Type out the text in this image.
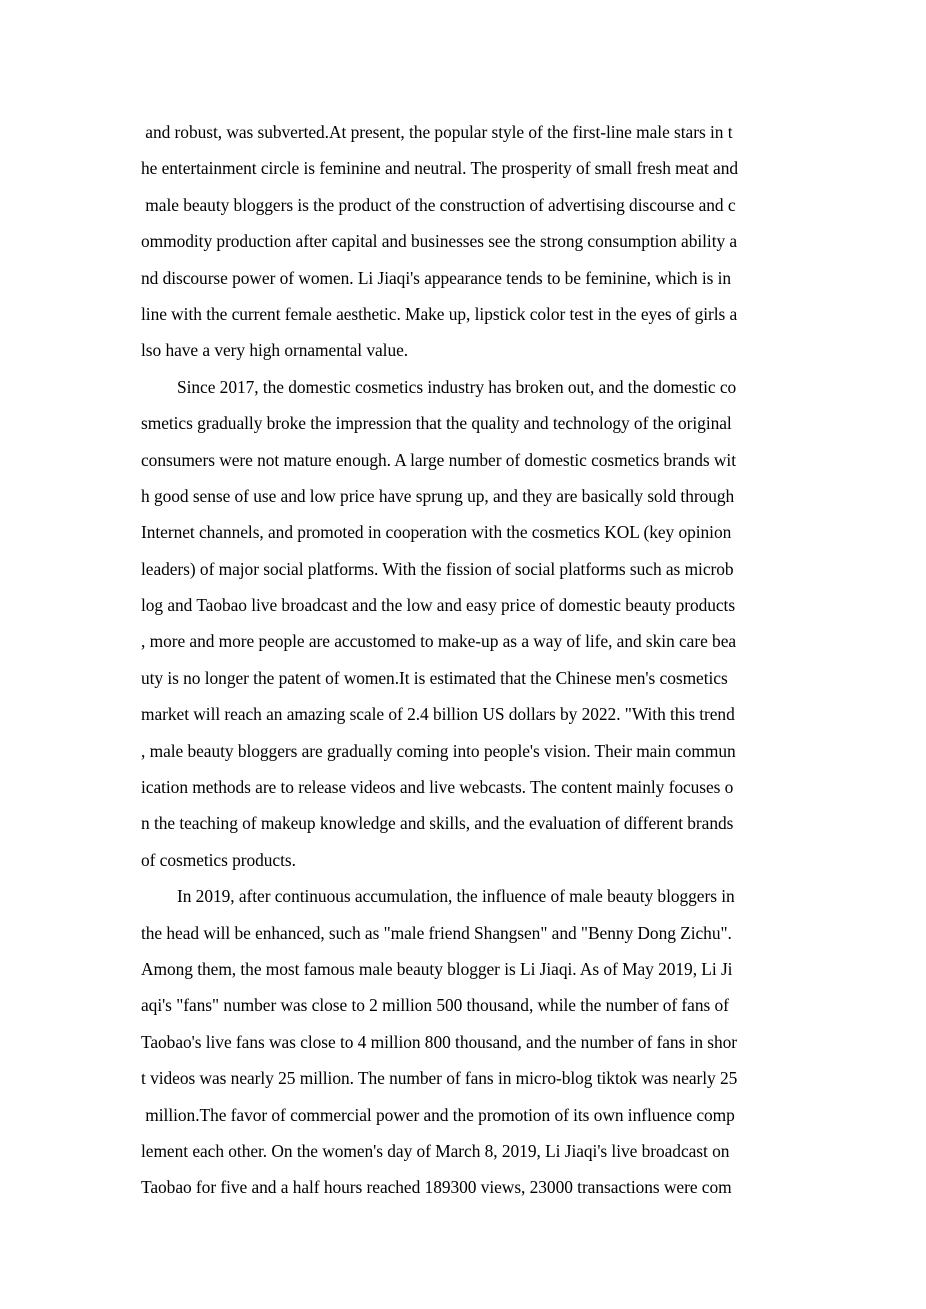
and robust, was subverted.At present, the popular style of the first-line male stars in t
he entertainment circle is feminine and neutral. The prosperity of small fresh meat and
male beauty bloggers is the product of the construction of advertising discourse and c
ommodity production after capital and businesses see the strong consumption ability a
nd discourse power of women. Li Jiaqi's appearance tends to be feminine, which is in
line with the current female aesthetic. Make up, lipstick color test in the eyes of girls a
lso have a very high ornamental value.
Since 2017, the domestic cosmetics industry has broken out, and the domestic co
smetics gradually broke the impression that the quality and technology of the original
consumers were not mature enough. A large number of domestic cosmetics brands wit
h good sense of use and low price have sprung up, and they are basically sold through
Internet channels, and promoted in cooperation with the cosmetics KOL (key opinion
leaders) of major social platforms. With the fission of social platforms such as microb
log and Taobao live broadcast and the low and easy price of domestic beauty products
, more and more people are accustomed to make-up as a way of life, and skin care bea
uty is no longer the patent of women.It is estimated that the Chinese men's cosmetics
market will reach an amazing scale of 2.4 billion US dollars by 2022. "With this trend
, male beauty bloggers are gradually coming into people's vision. Their main commun
ication methods are to release videos and live webcasts. The content mainly focuses o
n the teaching of makeup knowledge and skills, and the evaluation of different brands
of cosmetics products.
In 2019, after continuous accumulation, the influence of male beauty bloggers in
the head will be enhanced, such as "male friend Shangsen" and "Benny Dong Zichu".
Among them, the most famous male beauty blogger is Li Jiaqi. As of May 2019, Li Ji
aqi's "fans" number was close to 2 million 500 thousand, while the number of fans of
Taobao's live fans was close to 4 million 800 thousand, and the number of fans in shor
t videos was nearly 25 million. The number of fans in micro-blog tiktok was nearly 25
million.The favor of commercial power and the promotion of its own influence comp
lement each other. On the women's day of March 8, 2019, Li Jiaqi's live broadcast on
Taobao for five and a half hours reached 189300 views, 23000 transactions were com
